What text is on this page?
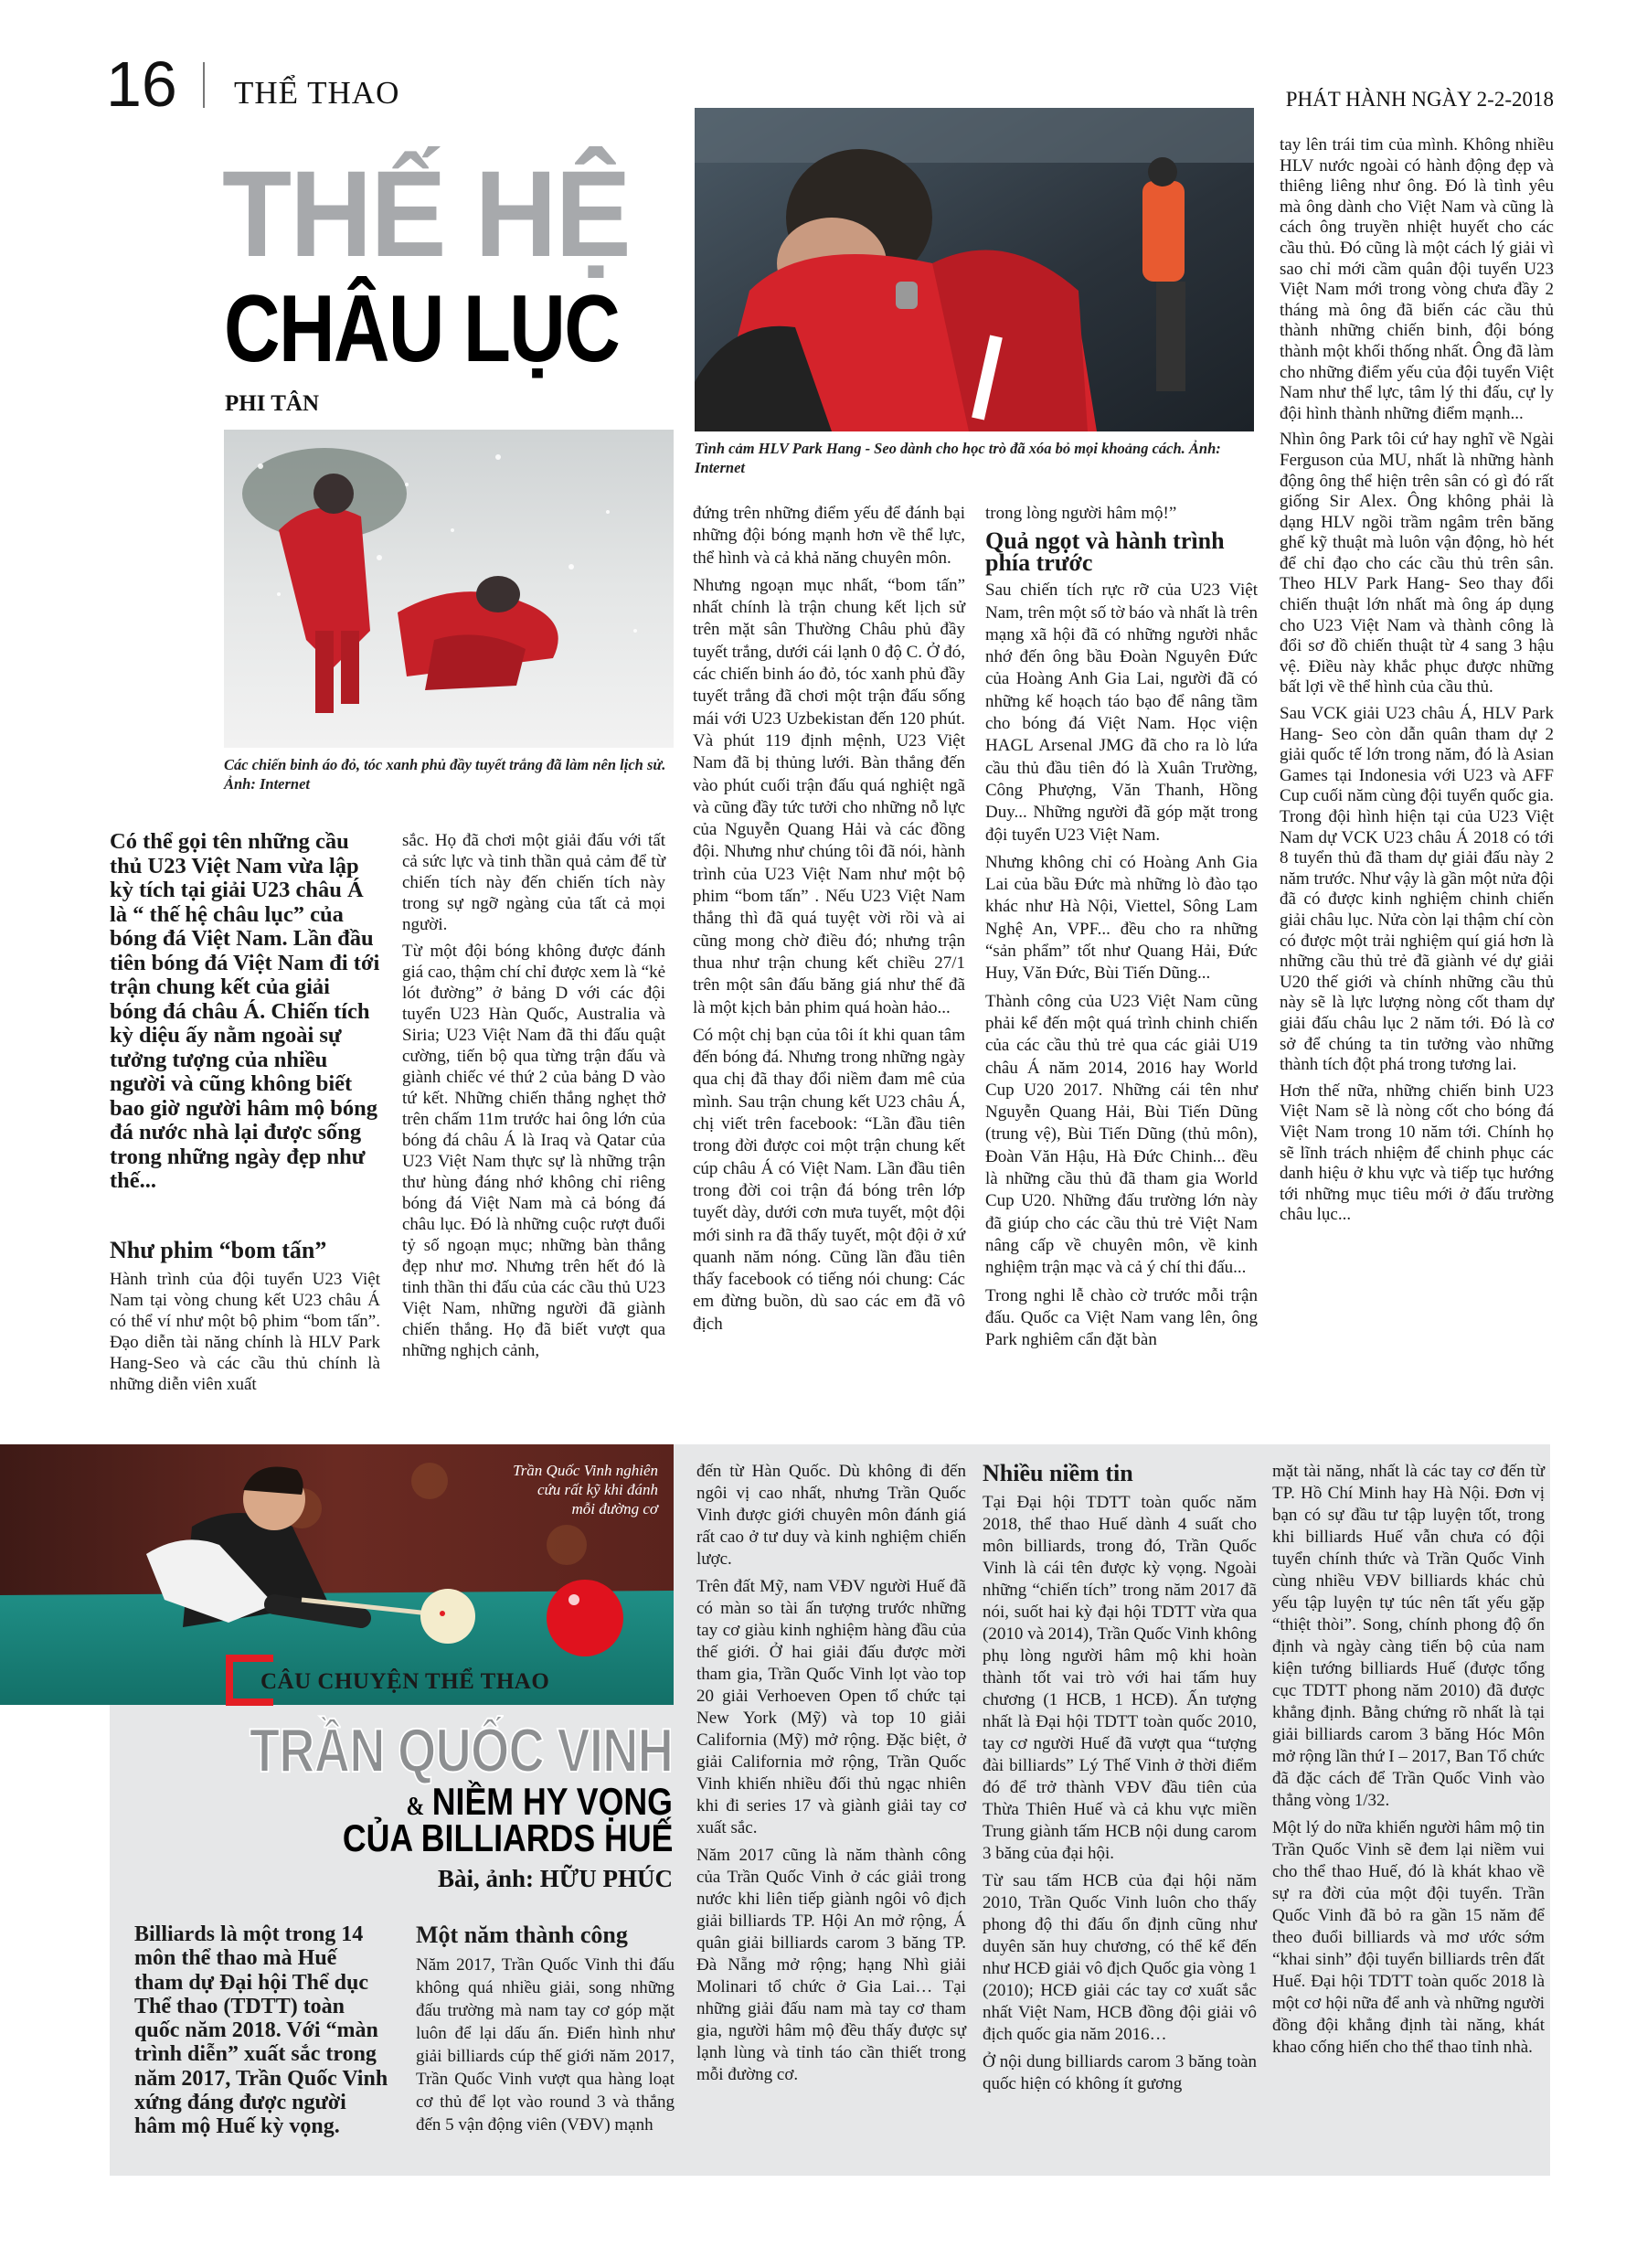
16 THỂ THAO	PHÁT HÀNH NGÀY 2-2-2018
THẾ HỆ
CHÂU LỤC
PHI TÂN
Tình cảm HLV Park Hang - Seo dành cho học trò đã xóa bỏ mọi khoảng cách. Ảnh: Internet
Các chiến binh áo đỏ, tóc xanh phủ đầy tuyết trắng đã làm nên lịch sử. Ảnh: Internet

Có thể gọi tên những cầu thủ U23 Việt Nam vừa lập kỳ tích tại giải U23 châu Á là “ thế hệ châu lục” của bóng đá Việt Nam. Lần đầu tiên bóng đá Việt Nam đi tới trận chung kết của giải bóng đá châu Á. Chiến tích kỳ diệu ấy nằm ngoài sự tưởng tượng của nhiều người và cũng không biết bao giờ người hâm mộ bóng đá nước nhà lại được sống trong những ngày đẹp như thế...

Như phim “bom tấn”

Hành trình của đội tuyển U23 Việt Nam tại vòng chung kết U23 châu Á có thể ví như một bộ phim “bom tấn”. Đạo diễn tài năng chính là HLV Park Hang-Seo và các cầu thủ chính là những diễn viên xuất

sắc. Họ đã chơi một giải đấu với tất cả sức lực và tinh thần quả cảm để từ chiến tích này đến chiến tích này trong sự ngỡ ngàng của tất cả mọi người.

Từ một đội bóng không được đánh giá cao, thậm chí chỉ được xem là “kẻ lót đường” ở bảng D với các đội tuyển U23 Hàn Quốc, Australia và Siria; U23 Việt Nam đã thi đấu quật cường, tiến bộ qua từng trận đấu và giành chiếc vé thứ 2 của bảng D vào tứ kết. Những chiến thắng nghẹt thở trên chấm 11m trước hai ông lớn của bóng đá châu Á là Iraq và Qatar của U23 Việt Nam thực sự là những trận thư hùng đáng nhớ không chỉ riêng bóng đá Việt Nam mà cả bóng đá châu lục. Đó là những cuộc rượt đuổi tỷ số ngoạn mục; những bàn thắng đẹp như mơ. Nhưng trên hết đó là tinh thần thi đấu của các cầu thủ U23 Việt Nam, những người đã giành chiến thắng. Họ đã biết vượt qua những nghịch cảnh,

đứng trên những điểm yếu để đánh bại những đội bóng mạnh hơn về thể lực, thể hình và cả khả năng chuyên môn.

Nhưng ngoạn mục nhất, “bom tấn” nhất chính là trận chung kết lịch sử trên mặt sân Thường Châu phủ đầy tuyết trắng, dưới cái lạnh 0 độ C. Ở đó, các chiến binh áo đỏ, tóc xanh phủ đầy tuyết trắng đã chơi một trận đấu sống mái với U23 Uzbekistan đến 120 phút. Và phút 119 định mệnh, U23 Việt Nam đã bị thủng lưới. Bàn thắng đến vào phút cuối trận đấu quá nghiệt ngã và cũng đầy tức tưởi cho những nỗ lực của Nguyễn Quang Hải và các đồng đội. Nhưng như chúng tôi đã nói, hành trình của U23 Việt Nam như một bộ phim “bom tấn” . Nếu U23 Việt Nam thắng thì đã quá tuyệt vời rồi và ai cũng mong chờ điều đó; nhưng trận thua như trận chung kết chiều 27/1 trên một sân đấu băng giá như thế đã là một kịch bản phim quá hoàn hảo...

Có một chị bạn của tôi ít khi quan tâm đến bóng đá. Nhưng trong những ngày qua chị đã thay đổi niềm đam mê của mình. Sau trận chung kết U23 châu Á, chị viết trên facebook: “Lần đầu tiên trong đời được coi một trận chung kết cúp châu Á có Việt Nam. Lần đầu tiên trong đời coi trận đá bóng trên lớp tuyết dày, dưới cơn mưa tuyết, một đội mới sinh ra đã thấy tuyết, một đội ở xứ quanh năm nóng. Cũng lần đầu tiên thấy facebook có tiếng nói chung: Các em đừng buồn, dù sao các em đã vô địch

trong lòng người hâm mộ!”

Quả ngọt và hành trình phía trước

Sau chiến tích rực rỡ của U23 Việt Nam, trên một số tờ báo và nhất là trên mạng xã hội đã có những người nhắc nhớ đến ông bầu Đoàn Nguyên Đức của Hoàng Anh Gia Lai, người đã có những kế hoạch táo bạo để nâng tầm cho bóng đá Việt Nam. Học viện HAGL Arsenal JMG đã cho ra lò lứa cầu thủ đầu tiên đó là Xuân Trường, Công Phượng, Văn Thanh, Hồng Duy... Những người đã góp mặt trong đội tuyển U23 Việt Nam.

Nhưng không chỉ có Hoàng Anh Gia Lai của bầu Đức mà những lò đào tạo khác như Hà Nội, Viettel, Sông Lam Nghệ An, VPF... đều cho ra những “sản phẩm” tốt như Quang Hải, Đức Huy, Văn Đức, Bùi Tiến Dũng...

Thành công của U23 Việt Nam cũng phải kể đến một quá trình chinh chiến của các cầu thủ trẻ qua các giải U19 châu Á năm 2014, 2016 hay World Cup U20 2017. Những cái tên như Nguyễn Quang Hải, Bùi Tiến Dũng (trung vệ), Bùi Tiến Dũng (thủ môn), Đoàn Văn Hậu, Hà Đức Chinh... đều là những cầu thủ đã tham gia World Cup U20. Những đấu trường lớn này đã giúp cho các cầu thủ trẻ Việt Nam nâng cấp về chuyên môn, về kinh nghiệm trận mạc và cả ý chí thi đấu...

Trong nghi lễ chào cờ trước mỗi trận đấu. Quốc ca Việt Nam vang lên, ông Park nghiêm cẩn đặt bàn

tay lên trái tim của mình. Không nhiều HLV nước ngoài có hành động đẹp và thiêng liêng như ông. Đó là tình yêu mà ông dành cho Việt Nam và cũng là cách ông truyền nhiệt huyết cho các cầu thủ. Đó cũng là một cách lý giải vì sao chỉ mới cầm quân đội tuyển U23 Việt Nam mới trong vòng chưa đầy 2 tháng mà ông đã biến các cầu thủ thành những chiến binh, đội bóng thành một khối thống nhất. Ông đã làm cho những điểm yếu của đội tuyển Việt Nam như thể lực, tâm lý thi đấu, cự ly đội hình thành những điểm mạnh...

Nhìn ông Park tôi cứ hay nghĩ về Ngài Ferguson của MU, nhất là những hành động ông thể hiện trên sân có gì đó rất giống Sir Alex. Ông không phải là dạng HLV ngồi trầm ngâm trên băng ghế kỹ thuật mà luôn vận động, hò hét để chỉ đạo cho các cầu thủ trên sân. Theo HLV Park Hang- Seo thay đổi chiến thuật lớn nhất mà ông áp dụng cho U23 Việt Nam và thành công là đổi sơ đồ chiến thuật từ 4 sang 3 hậu vệ. Điều này khắc phục được những bất lợi về thể hình của cầu thủ.

Sau VCK giải U23 châu Á, HLV Park Hang- Seo còn dẫn quân tham dự 2 giải quốc tế lớn trong năm, đó là Asian Games tại Indonesia với U23 và AFF Cup cuối năm cùng đội tuyển quốc gia. Trong đội hình hiện tại của U23 Việt Nam dự VCK U23 châu Á 2018 có tới 8 tuyển thủ đã tham dự giải đấu này 2 năm trước. Như vậy là gần một nửa đội đã có được kinh nghiệm chinh chiến giải châu lục. Nửa còn lại thậm chí còn có được một trải nghiệm quí giá hơn là những cầu thủ trẻ đã giành vé dự giải U20 thế giới và chính những cầu thủ này sẽ là lực lượng nòng cốt tham dự giải đấu châu lục 2 năm tới. Đó là cơ sở để chúng ta tin tưởng vào những thành tích đột phá trong tương lai.

Hơn thế nữa, những chiến binh U23 Việt Nam sẽ là nòng cốt cho bóng đá Việt Nam trong 10 năm tới. Chính họ sẽ lĩnh trách nhiệm để chinh phục các danh hiệu ở khu vực và tiếp tục hướng tới những mục tiêu mới ở đấu trường châu lục...

Trần Quốc Vinh nghiên cứu rất kỹ khi đánh mỗi đường cơ
CÂU CHUYỆN THỂ THAO
TRẦN QUỐC VINH
& NIỀM HY VỌNG
CỦA BILLIARDS HUẾ
Bài, ảnh: HỮU PHÚC

Billiards là một trong 14 môn thể thao mà Huế tham dự Đại hội Thể dục Thể thao (TDTT) toàn quốc năm 2018. Với “màn trình diễn” xuất sắc trong năm 2017, Trần Quốc Vinh xứng đáng được người hâm mộ Huế kỳ vọng.

Một năm thành công

Năm 2017, Trần Quốc Vinh thi đấu không quá nhiều giải, song những đấu trường mà nam tay cơ góp mặt luôn để lại dấu ấn. Điển hình như giải billiards cúp thế giới năm 2017, Trần Quốc Vinh vượt qua hàng loạt cơ thủ để lọt vào round 3 và thắng đến 5 vận động viên (VĐV) mạnh

đến từ Hàn Quốc. Dù không đi đến ngôi vị cao nhất, nhưng Trần Quốc Vinh được giới chuyên môn đánh giá rất cao ở tư duy và kinh nghiệm chiến lược.

Trên đất Mỹ, nam VĐV người Huế đã có màn so tài ấn tượng trước những tay cơ giàu kinh nghiệm hàng đầu của thế giới. Ở hai giải đấu được mời tham gia, Trần Quốc Vinh lọt vào top 20 giải Verhoeven Open tổ chức tại New York (Mỹ) và top 10 giải California (Mỹ) mở rộng. Đặc biệt, ở giải California mở rộng, Trần Quốc Vinh khiến nhiều đối thủ ngạc nhiên khi đi series 17 và giành giải tay cơ xuất sắc.

Năm 2017 cũng là năm thành công của Trần Quốc Vinh ở các giải trong nước khi liên tiếp giành ngôi vô địch giải billiards TP. Hội An mở rộng, Á quân giải billiards carom 3 băng TP. Đà Nẵng mở rộng; hạng Nhì giải Molinari tổ chức ở Gia Lai… Tại những giải đấu nam mà tay cơ tham gia, người hâm mộ đều thấy được sự lạnh lùng và tỉnh táo cần thiết trong mỗi đường cơ.

Nhiều niềm tin

Tại Đại hội TDTT toàn quốc năm 2018, thể thao Huế dành 4 suất cho môn billiards, trong đó, Trần Quốc Vinh là cái tên được kỳ vọng. Ngoài những “chiến tích” trong năm 2017 đã nói, suốt hai kỳ đại hội TDTT vừa qua (2010 và 2014), Trần Quốc Vinh không phụ lòng người hâm mộ khi hoàn thành tốt vai trò với hai tấm huy chương (1 HCB, 1 HCĐ). Ấn tượng nhất là Đại hội TDTT toàn quốc 2010, tay cơ người Huế đã vượt qua “tượng đài billiards” Lý Thế Vinh ở thời điểm đó để trở thành VĐV đầu tiên của Thừa Thiên Huế và cả khu vực miền Trung giành tấm HCB nội dung carom 3 băng của đại hội.

Từ sau tấm HCB của đại hội năm 2010, Trần Quốc Vinh luôn cho thấy phong độ thi đấu ổn định cũng như duyên săn huy chương, có thể kể đến như HCĐ giải vô địch Quốc gia vòng 1 (2010); HCĐ giải các tay cơ xuất sắc nhất Việt Nam, HCB đồng đội giải vô địch quốc gia năm 2016…

Ở nội dung billiards carom 3 băng toàn quốc hiện có không ít gương

mặt tài năng, nhất là các tay cơ đến từ TP. Hồ Chí Minh hay Hà Nội. Đơn vị bạn có sự đầu tư tập luyện tốt, trong khi billiards Huế vẫn chưa có đội tuyển chính thức và Trần Quốc Vinh cùng nhiều VĐV billiards khác chủ yếu tập luyện tự túc nên tất yếu gặp “thiệt thòi”. Song, chính phong độ ổn định và ngày càng tiến bộ của nam kiện tướng billiards Huế (được tổng cục TDTT phong năm 2010) đã được khẳng định. Bằng chứng rõ nhất là tại giải billiards carom 3 băng Hóc Môn mở rộng lần thứ I – 2017, Ban Tổ chức đã đặc cách để Trần Quốc Vinh vào thẳng vòng 1/32.

Một lý do nữa khiến người hâm mộ tin Trần Quốc Vinh sẽ đem lại niềm vui cho thể thao Huế, đó là khát khao về sự ra đời của một đội tuyển. Trần Quốc Vinh đã bỏ ra gần 15 năm để theo đuổi billiards và mơ ước sớm “khai sinh” đội tuyển billiards trên đất Huế. Đại hội TDTT toàn quốc 2018 là một cơ hội nữa để anh và những người đồng đội khẳng định tài năng, khát khao cống hiến cho thể thao tỉnh nhà.
